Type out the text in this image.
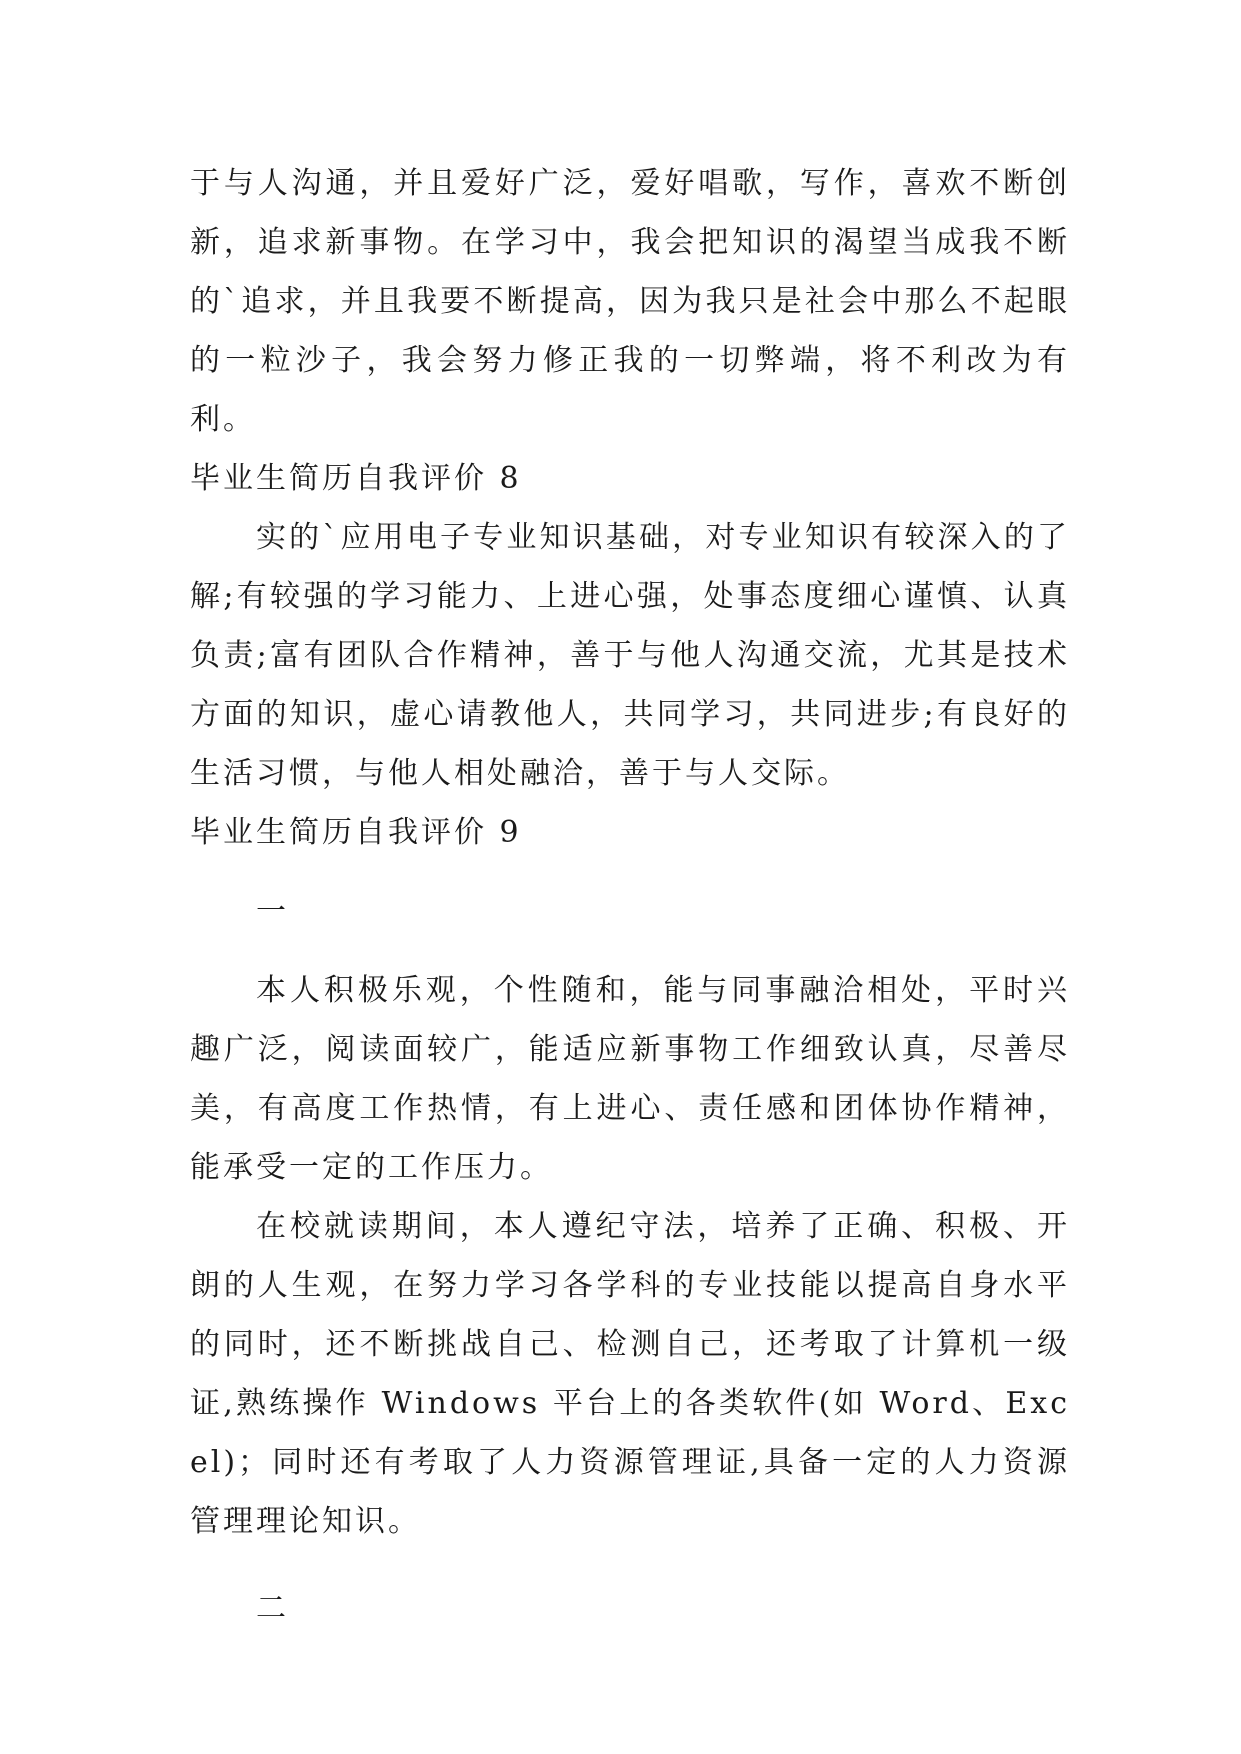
于与人沟通，并且爱好广泛，爱好唱歌，写作，喜欢不断创新，追求新事物。在学习中，我会把知识的渴望当成我不断的`追求，并且我要不断提高，因为我只是社会中那么不起眼的一粒沙子，我会努力修正我的一切弊端，将不利改为有利。

毕业生简历自我评价 8

实的`应用电子专业知识基础，对专业知识有较深入的了解;有较强的学习能力、上进心强，处事态度细心谨慎、认真负责;富有团队合作精神，善于与他人沟通交流，尤其是技术方面的知识，虚心请教他人，共同学习，共同进步;有良好的生活习惯，与他人相处融洽，善于与人交际。

毕业生简历自我评价 9

一

本人积极乐观，个性随和，能与同事融洽相处，平时兴趣广泛，阅读面较广，能适应新事物工作细致认真，尽善尽美，有高度工作热情，有上进心、责任感和团体协作精神，能承受一定的工作压力。

在校就读期间，本人遵纪守法，培养了正确、积极、开朗的人生观，在努力学习各学科的专业技能以提高自身水平的同时，还不断挑战自己、检测自己，还考取了计算机一级证,熟练操作 Windows 平台上的各类软件(如 Word、Excel)；同时还有考取了人力资源管理证,具备一定的人力资源管理理论知识。

二
